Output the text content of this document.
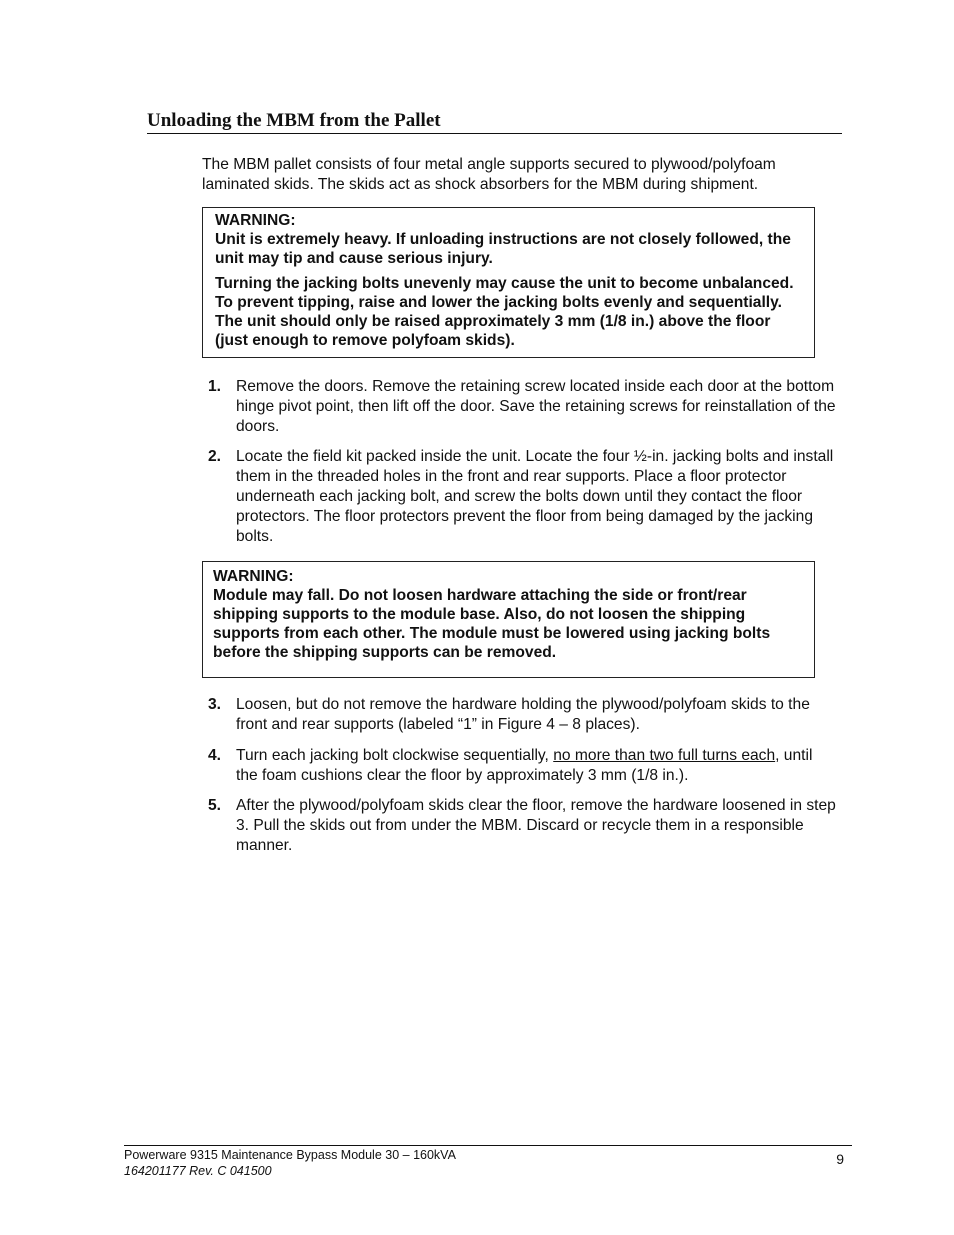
Unloading the MBM from the Pallet
The MBM pallet consists of four metal angle supports secured to plywood/polyfoam laminated skids. The skids act as shock absorbers for the MBM during shipment.

WARNING:

Unit is extremely heavy. If unloading instructions are not closely followed, the unit may tip and cause serious injury.

Turning the jacking bolts unevenly may cause the unit to become unbalanced. To prevent tipping, raise and lower the jacking bolts evenly and sequentially. The unit should only be raised approximately 3 mm (1/8 in.) above the floor (just enough to remove polyfoam skids).

1. Remove the doors. Remove the retaining screw located inside each door at the bottom hinge pivot point, then lift off the door. Save the retaining screws for reinstallation of the doors.
2. Locate the field kit packed inside the unit. Locate the four ½-in. jacking bolts and install them in the threaded holes in the front and rear supports. Place a floor protector underneath each jacking bolt, and screw the bolts down until they contact the floor protectors. The floor protectors prevent the floor from being damaged by the jacking bolts.

WARNING:

Module may fall. Do not loosen hardware attaching the side or front/rear shipping supports to the module base. Also, do not loosen the shipping supports from each other. The module must be lowered using jacking bolts before the shipping supports can be removed.

3. Loosen, but do not remove the hardware holding the plywood/polyfoam skids to the front and rear supports (labeled “1” in Figure 4 – 8 places).
4. Turn each jacking bolt clockwise sequentially, no more than two full turns each, until the foam cushions clear the floor by approximately 3 mm (1/8 in.).
5. After the plywood/polyfoam skids clear the floor, remove the hardware loosened in step 3. Pull the skids out from under the MBM. Discard or recycle them in a responsible manner.
Powerware 9315 Maintenance Bypass Module 30 – 160kVA
164201177 Rev. C 041500
9
